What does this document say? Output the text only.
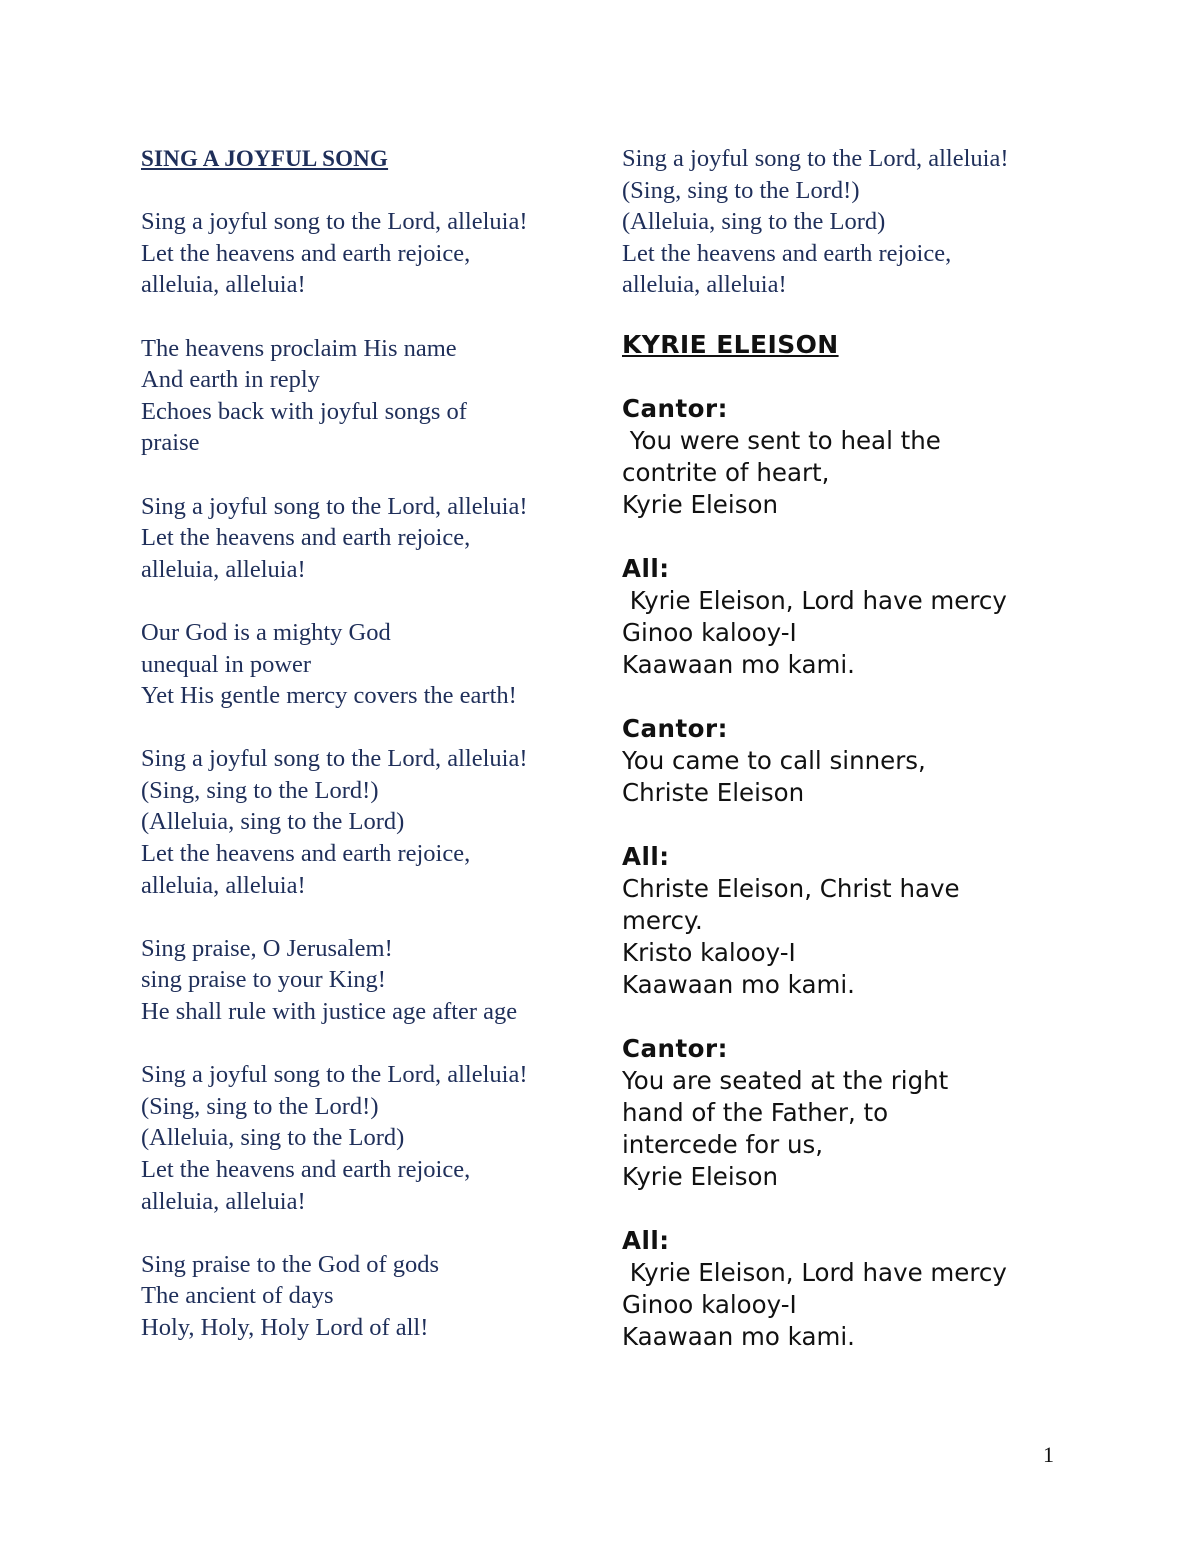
SING A JOYFUL SONG
Sing a joyful song to the Lord, alleluia!
Let the heavens and earth rejoice,
alleluia, alleluia!
The heavens proclaim His name
And earth in reply
Echoes back with joyful songs of
praise
Sing a joyful song to the Lord, alleluia!
Let the heavens and earth rejoice,
alleluia, alleluia!
Our God is a mighty God
unequal in power
Yet His gentle mercy covers the earth!
Sing a joyful song to the Lord, alleluia!
(Sing, sing to the Lord!)
(Alleluia, sing to the Lord)
Let the heavens and earth rejoice,
alleluia, alleluia!
Sing praise, O Jerusalem!
sing praise to your King!
He shall rule with justice age after age
Sing a joyful song to the Lord, alleluia!
(Sing, sing to the Lord!)
(Alleluia, sing to the Lord)
Let the heavens and earth rejoice,
alleluia, alleluia!
Sing praise to the God of gods
The ancient of days
Holy, Holy, Holy Lord of all!
Sing a joyful song to the Lord, alleluia!
(Sing, sing to the Lord!)
(Alleluia, sing to the Lord)
Let the heavens and earth rejoice,
alleluia, alleluia!
KYRIE ELEISON
Cantor:
You were sent to heal the
contrite of heart,
Kyrie Eleison
All:
Kyrie Eleison, Lord have mercy
Ginoo kalooy-I
Kaawaan mo kami.
Cantor:
You came to call sinners,
Christe Eleison
All:
Christe Eleison, Christ have
mercy.
Kristo kalooy-I
Kaawaan mo kami.
Cantor:
You are seated at the right
hand of the Father, to
intercede for us,
Kyrie Eleison
All:
Kyrie Eleison, Lord have mercy
Ginoo kalooy-I
Kaawaan mo kami.
1
